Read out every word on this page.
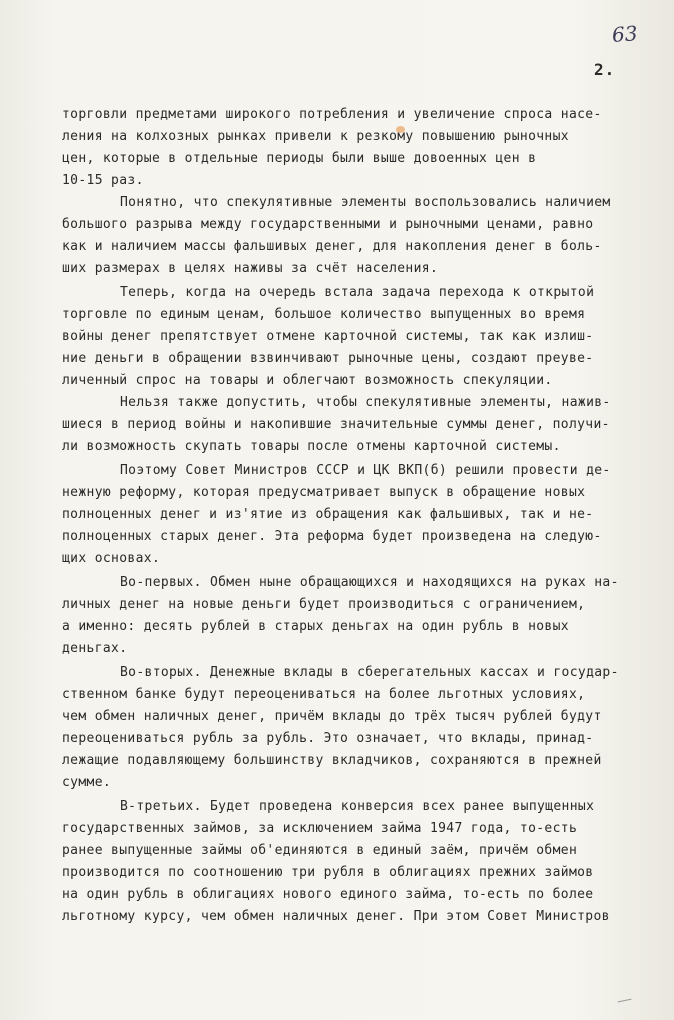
63
2.
торговли предметами широкого потребления и увеличение спроса насе-
ления на колхозных рынках привели к резкому повышению рыночных
цен, которые в отдельные периоды были выше довоенных цен в
10-15 раз.
Понятно, что спекулятивные элементы воспользовались наличием
большого разрыва между государственными и рыночными ценами, равно
как и наличием массы фальшивых денег, для накопления денег в боль-
ших размерах в целях наживы за счёт населения.
Теперь, когда на очередь встала задача перехода к открытой
торговле по единым ценам, большое количество выпущенных во время
войны денег препятствует отмене карточной системы, так как излиш-
ние деньги в обращении взвинчивают рыночные цены, создают преуве-
личенный спрос на товары и облегчают возможность спекуляции.
Нельзя также допустить, чтобы спекулятивные элементы, нажив-
шиеся в период войны и накопившие значительные суммы денег, получи-
ли возможность скупать товары после отмены карточной системы.
Поэтому Совет Министров СССР и ЦК ВКП(б) решили провести де-
нежную реформу, которая предусматривает выпуск в обращение новых
полноценных денег и из'ятие из обращения как фальшивых, так и не-
полноценных старых денег. Эта реформа будет произведена на следую-
щих основах.
Во-первых. Обмен ныне обращающихся и находящихся на руках на-
личных денег на новые деньги будет производиться с ограничением,
а именно: десять рублей в старых деньгах на один рубль в новых
деньгах.
Во-вторых. Денежные вклады в сберегательных кассах и государ-
ственном банке будут переоцениваться на более льготных условиях,
чем обмен наличных денег, причём вклады до трёх тысяч рублей будут
переоцениваться рубль за рубль. Это означает, что вклады, принад-
лежащие подавляющему большинству вкладчиков, сохраняются в прежней
сумме.
В-третьих. Будет проведена конверсия всех ранее выпущенных
государственных займов, за исключением займа 1947 года, то-есть
ранее выпущенные займы об'единяются в единый заём, причём обмен
производится по соотношению три рубля в облигациях прежних займов
на один рубль в облигациях нового единого займа, то-есть по более
льготному курсу, чем обмен наличных денег. При этом Совет Министров
